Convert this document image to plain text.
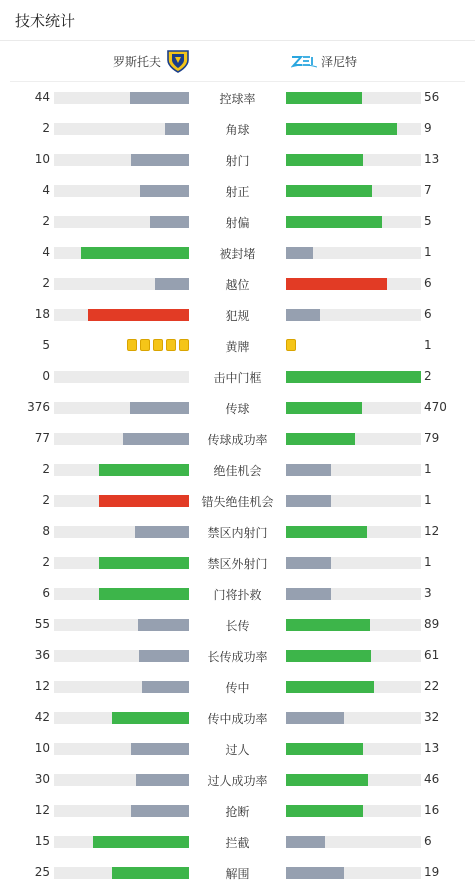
技术统计
罗斯托夫	泽尼特
44	控球率	56
2	角球	9
10	射门	13
4	射正	7
2	射偏	5
4	被封堵	1
2	越位	6
18	犯规	6
5	黄牌	1
0	击中门框	2
376	传球	470
77	传球成功率	79
2	绝佳机会	1
2	错失绝佳机会	1
8	禁区内射门	12
2	禁区外射门	1
6	门将扑救	3
55	长传	89
36	长传成功率	61
12	传中	22
42	传中成功率	32
10	过人	13
30	过人成功率	46
12	抢断	16
15	拦截	6
25	解围	19
